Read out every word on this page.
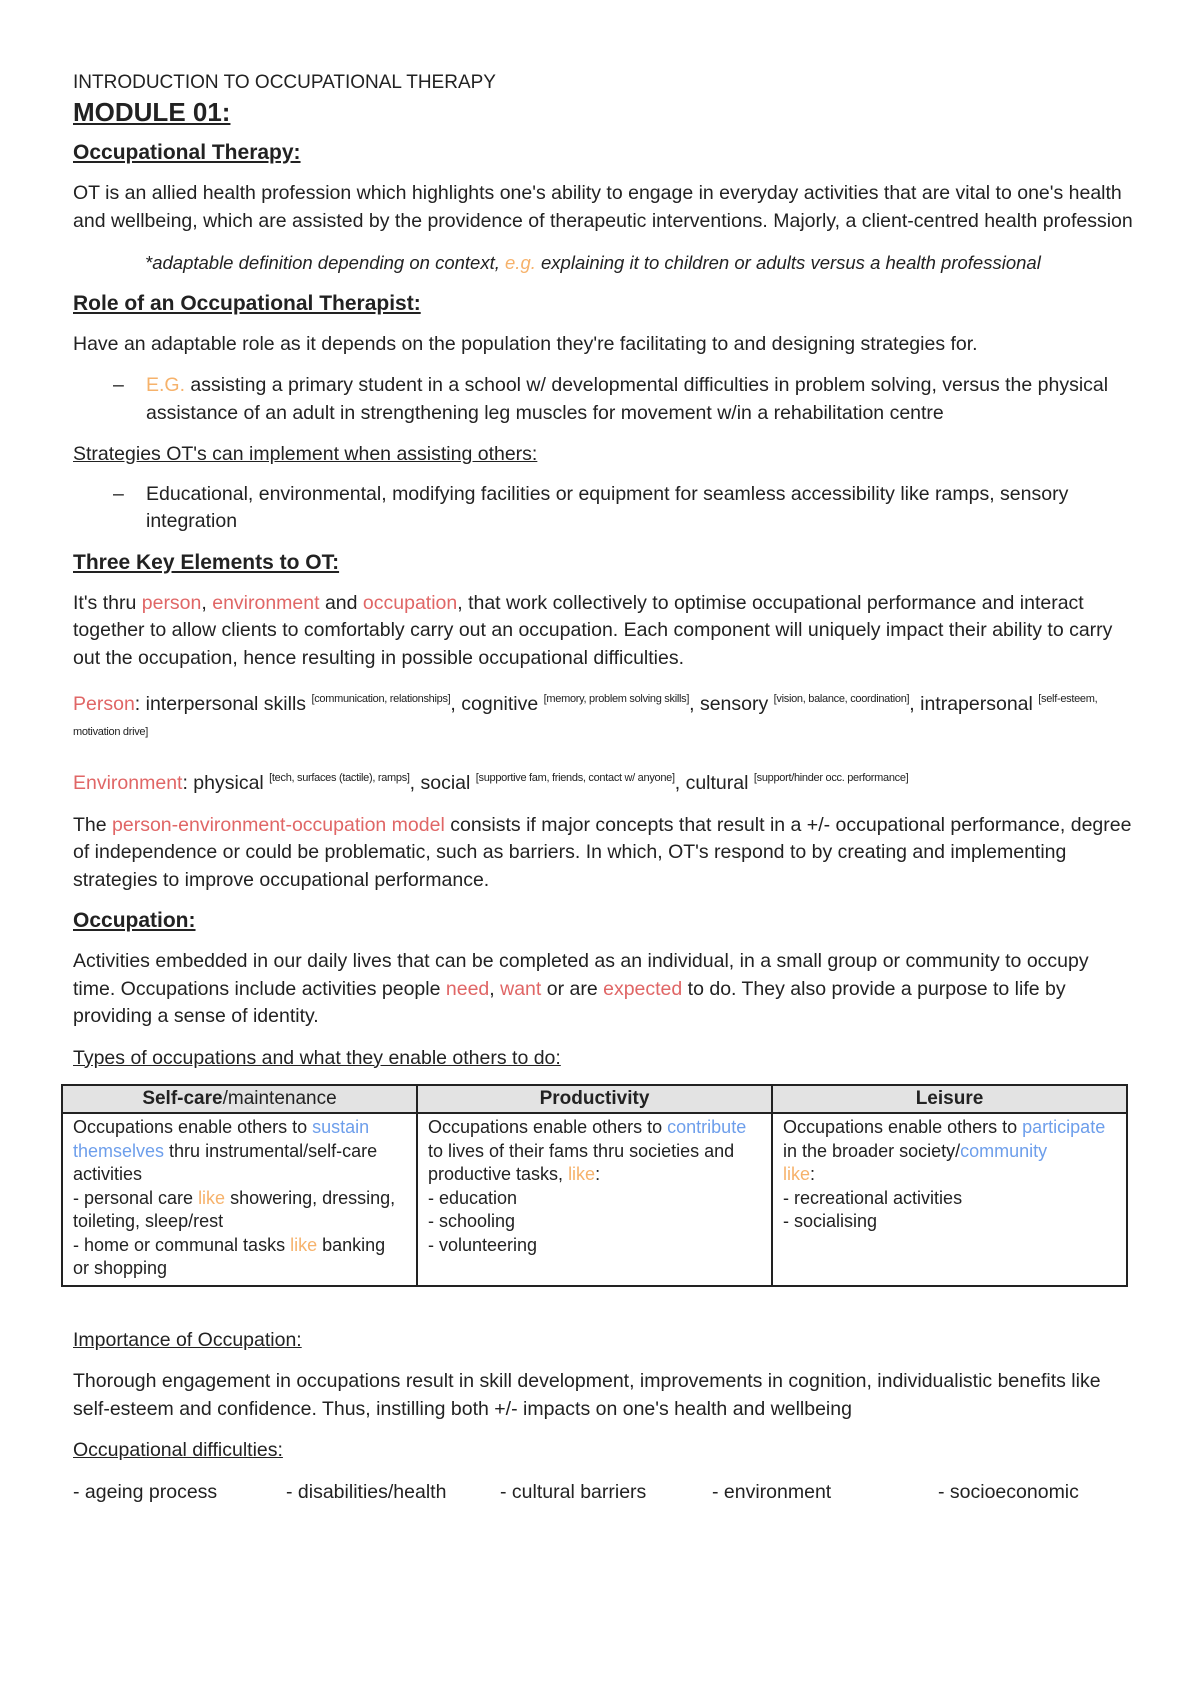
INTRODUCTION TO OCCUPATIONAL THERAPY
MODULE 01:
Occupational Therapy:

OT is an allied health profession which highlights one's ability to engage in everyday activities that are vital to one's health and wellbeing, which are assisted by the providence of therapeutic interventions. Majorly, a client-centred health profession

*adaptable definition depending on context, e.g. explaining it to children or adults versus a health professional

Role of an Occupational Therapist:

Have an adaptable role as it depends on the population they're facilitating to and designing strategies for.

– E.G. assisting a primary student in a school w/ developmental difficulties in problem solving, versus the physical assistance of an adult in strengthening leg muscles for movement w/in a rehabilitation centre

Strategies OT's can implement when assisting others:

– Educational, environmental, modifying facilities or equipment for seamless accessibility like ramps, sensory integration
Three Key Elements to OT:

It's thru person, environment and occupation, that work collectively to optimise occupational performance and interact together to allow clients to comfortably carry out an occupation. Each component will uniquely impact their ability to carry out the occupation, hence resulting in possible occupational difficulties.

Person: interpersonal skills [communication, relationships], cognitive [memory, problem solving skills], sensory [vision, balance, coordination], intrapersonal [self-esteem, motivation drive]

Environment: physical [tech, surfaces (tactile), ramps], social [supportive fam, friends, contact w/ anyone], cultural [support/hinder occ. performance]

The person-environment-occupation model consists if major concepts that result in a +/- occupational performance, degree of independence or could be problematic, such as barriers. In which, OT's respond to by creating and implementing strategies to improve occupational performance.

Occupation:

Activities embedded in our daily lives that can be completed as an individual, in a small group or community to occupy time. Occupations include activities people need, want or are expected to do. They also provide a purpose to life by providing a sense of identity.

Types of occupations and what they enable others to do:

Self-care/maintenance	Productivity	Leisure
Occupations enable others to sustain themselves thru instrumental/self-care activities
- personal care like showering, dressing, toileting, sleep/rest
- home or communal tasks like banking or shopping	Occupations enable others to contribute to lives of their fams thru societies and productive tasks, like:
- education
- schooling
- volunteering	Occupations enable others to participate in the broader society/community
like:
- recreational activities
- socialising

Importance of Occupation:

Thorough engagement in occupations result in skill development, improvements in cognition, individualistic benefits like self-esteem and confidence. Thus, instilling both +/- impacts on one's health and wellbeing

Occupational difficulties:

- ageing process	- disabilities/health	- cultural barriers	- environment	- socioeconomic
